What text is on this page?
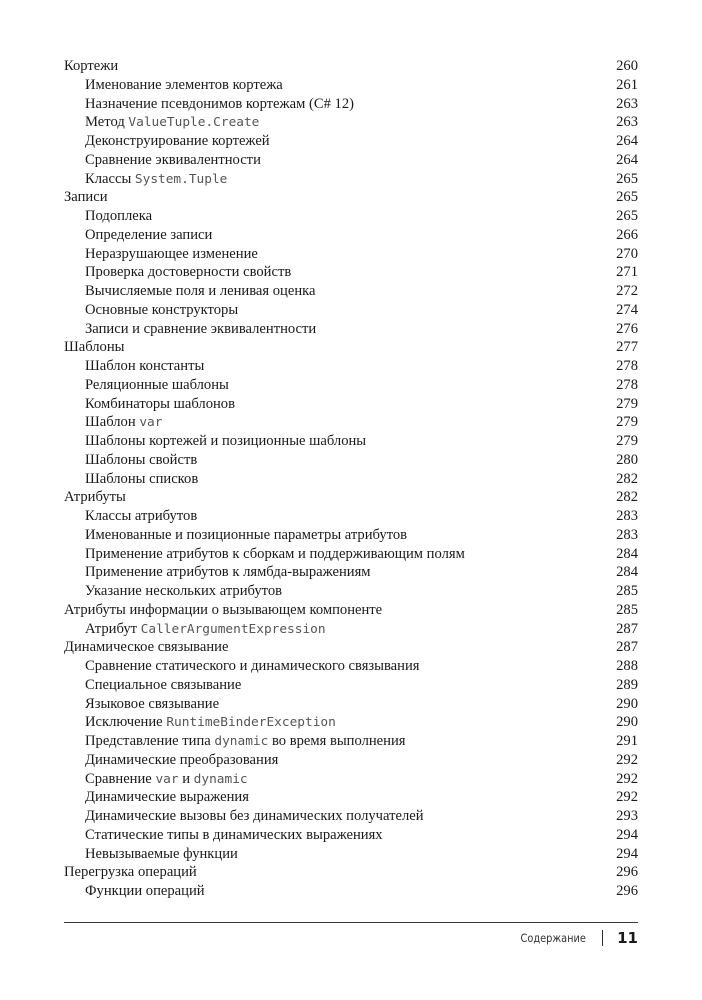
Кортежи	260
Именование элементов кортежа	261
Назначение псевдонимов кортежам (C# 12)	263
Метод ValueTuple.Create	263
Деконструирование кортежей	264
Сравнение эквивалентности	264
Классы System.Tuple	265
Записи	265
Подоплека	265
Определение записи	266
Неразрушающее изменение	270
Проверка достоверности свойств	271
Вычисляемые поля и ленивая оценка	272
Основные конструкторы	274
Записи и сравнение эквивалентности	276
Шаблоны	277
Шаблон константы	278
Реляционные шаблоны	278
Комбинаторы шаблонов	279
Шаблон var	279
Шаблоны кортежей и позиционные шаблоны	279
Шаблоны свойств	280
Шаблоны списков	282
Атрибуты	282
Классы атрибутов	283
Именованные и позиционные параметры атрибутов	283
Применение атрибутов к сборкам и поддерживающим полям	284
Применение атрибутов к лямбда-выражениям	284
Указание нескольких атрибутов	285
Атрибуты информации о вызывающем компоненте	285
Атрибут CallerArgumentExpression	287
Динамическое связывание	287
Сравнение статического и динамического связывания	288
Специальное связывание	289
Языковое связывание	290
Исключение RuntimeBinderException	290
Представление типа dynamic во время выполнения	291
Динамические преобразования	292
Сравнение var и dynamic	292
Динамические выражения	292
Динамические вызовы без динамических получателей	293
Статические типы в динамических выражениях	294
Невызываемые функции	294
Перегрузка операций	296
Функции операций	296
Содержание 11
